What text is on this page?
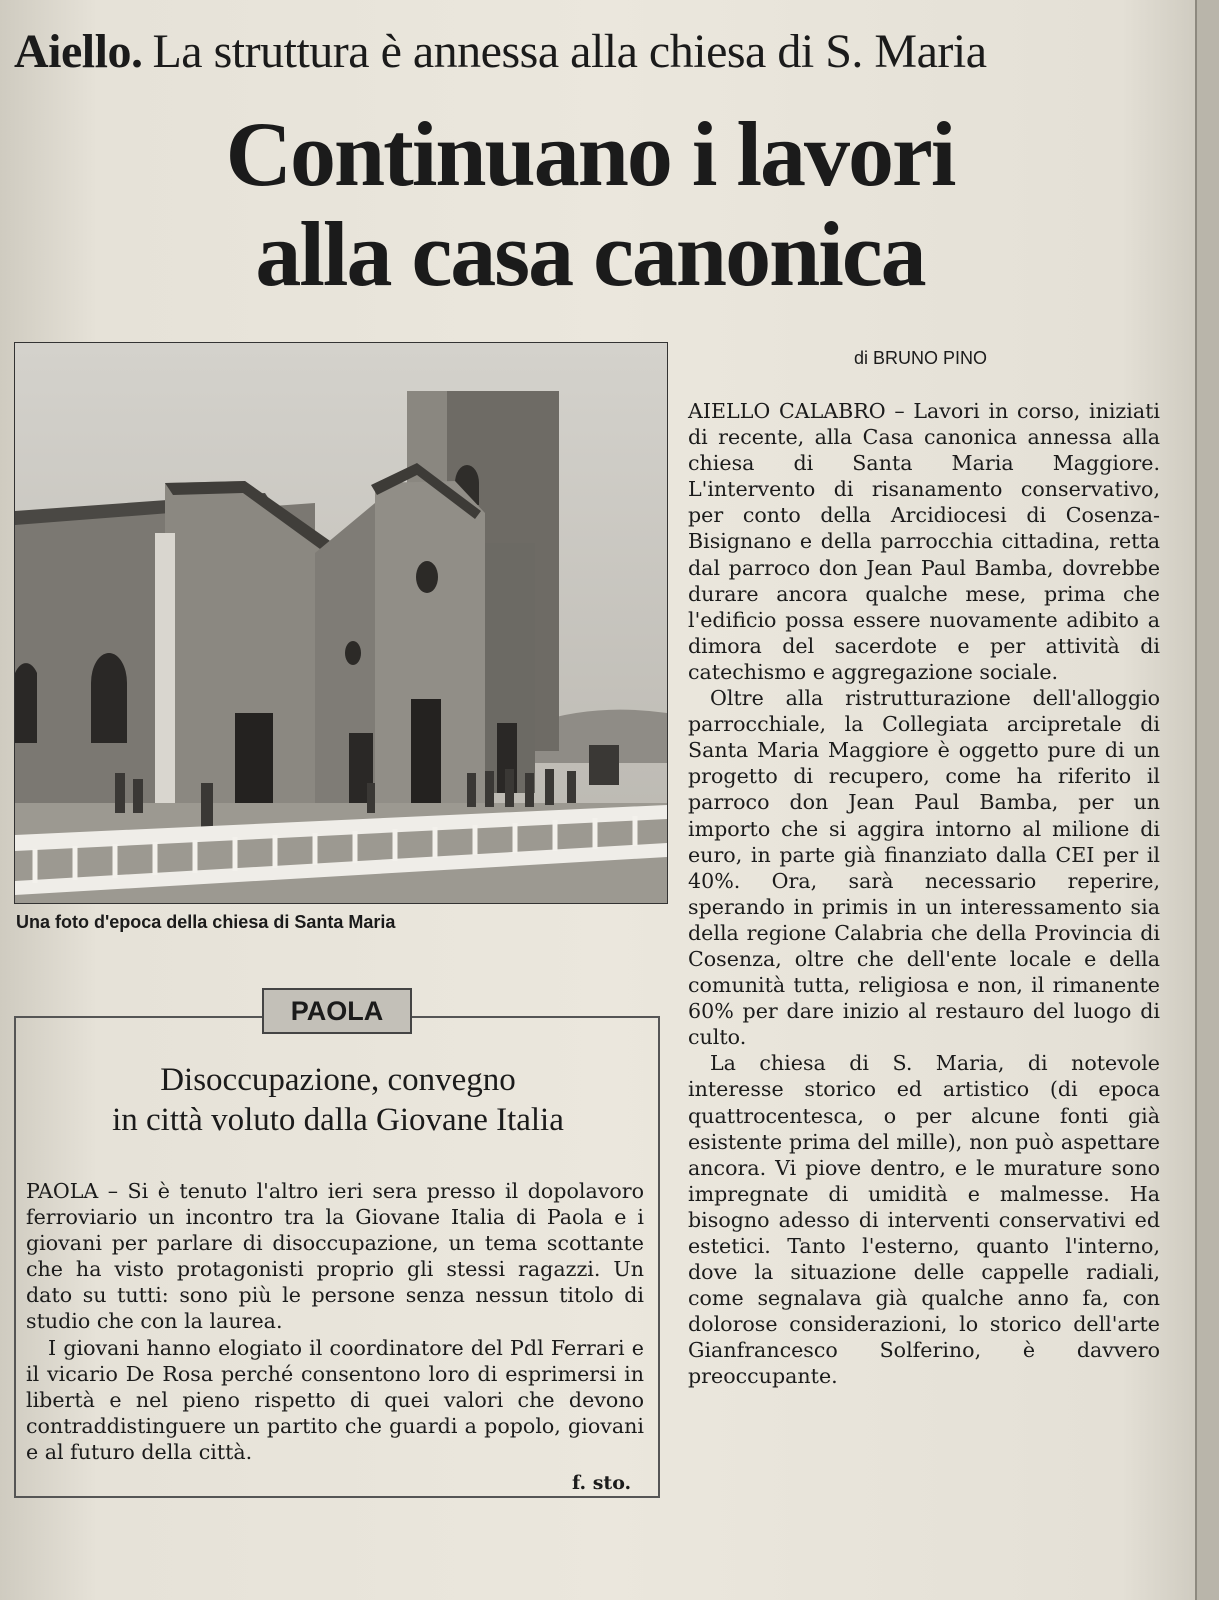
Aiello. La struttura è annessa alla chiesa di S. Maria
Continuano i lavori
alla casa canonica
Una foto d'epoca della chiesa di Santa Maria
di BRUNO PINO

AIELLO CALABRO – Lavori in corso, iniziati di recente, alla Casa canonica annessa alla chiesa di Santa Maria Maggiore. L'intervento di risanamento conservativo, per conto della Arcidiocesi di Cosenza-Bisignano e della parrocchia cittadina, retta dal parroco don Jean Paul Bamba, dovrebbe durare ancora qualche mese, prima che l'edificio possa essere nuovamente adibito a dimora del sacerdote e per attività di catechismo e aggregazione sociale.

Oltre alla ristrutturazione dell'alloggio parrocchiale, la Collegiata arcipretale di Santa Maria Maggiore è oggetto pure di un progetto di recupero, come ha riferito il parroco don Jean Paul Bamba, per un importo che si aggira intorno al milione di euro, in parte già finanziato dalla CEI per il 40%. Ora, sarà necessario reperire, sperando in primis in un interessamento sia della regione Calabria che della Provincia di Cosenza, oltre che dell'ente locale e della comunità tutta, religiosa e non, il rimanente 60% per dare inizio al restauro del luogo di culto.

La chiesa di S. Maria, di notevole interesse storico ed artistico (di epoca quattrocentesca, o per alcune fonti già esistente prima del mille), non può aspettare ancora. Vi piove dentro, e le murature sono impregnate di umidità e malmesse. Ha bisogno adesso di interventi conservativi ed estetici. Tanto l'esterno, quanto l'interno, dove la situazione delle cappelle radiali, come segnalava già qualche anno fa, con dolorose considerazioni, lo storico dell'arte Gianfrancesco Solferino, è davvero preoccupante.

PAOLA
Disoccupazione, convegno
in città voluto dalla Giovane Italia

PAOLA – Si è tenuto l'altro ieri sera presso il dopolavoro ferroviario un incontro tra la Giovane Italia di Paola e i giovani per parlare di disoccupazione, un tema scottante che ha visto protagonisti proprio gli stessi ragazzi. Un dato su tutti: sono più le persone senza nessun titolo di studio che con la laurea.

I giovani hanno elogiato il coordinatore del Pdl Ferrari e il vicario De Rosa perché consentono loro di esprimersi in libertà e nel pieno rispetto di quei valori che devono contraddistinguere un partito che guardi a popolo, giovani e al futuro della città.

f. sto.
